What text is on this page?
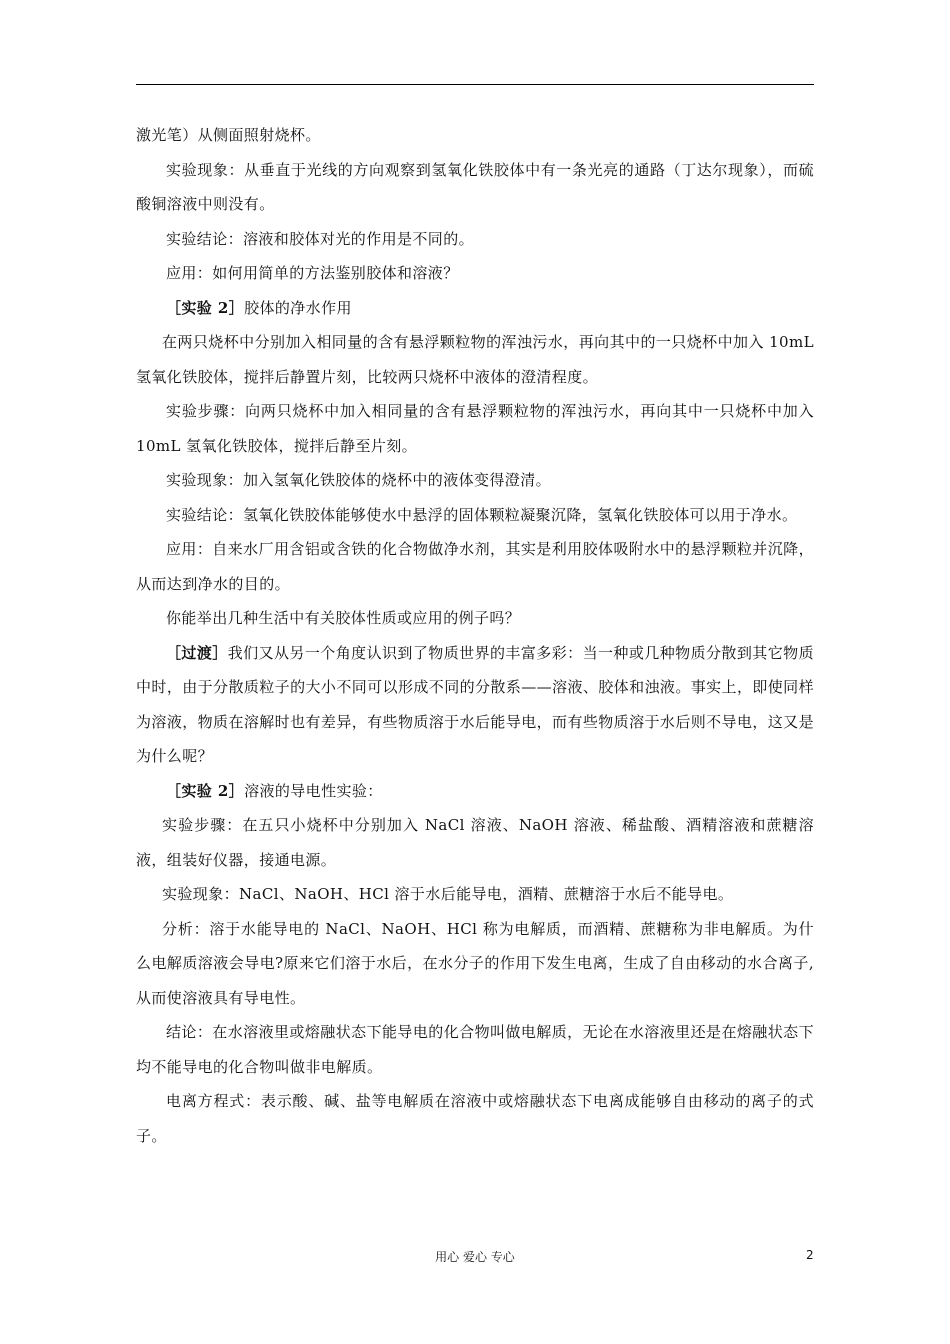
激光笔）从侧面照射烧杯。

实验现象：从垂直于光线的方向观察到氢氧化铁胶体中有一条光亮的通路（丁达尔现象），而硫酸铜溶液中则没有。

实验结论：溶液和胶体对光的作用是不同的。

应用：如何用简单的方法鉴别胶体和溶液？

［实验 2］胶体的净水作用

在两只烧杯中分别加入相同量的含有悬浮颗粒物的浑浊污水，再向其中的一只烧杯中加入 10mL 氢氧化铁胶体，搅拌后静置片刻，比较两只烧杯中液体的澄清程度。

实验步骤：向两只烧杯中加入相同量的含有悬浮颗粒物的浑浊污水，再向其中一只烧杯中加入 10mL 氢氧化铁胶体，搅拌后静至片刻。

实验现象：加入氢氧化铁胶体的烧杯中的液体变得澄清。

实验结论：氢氧化铁胶体能够使水中悬浮的固体颗粒凝聚沉降，氢氧化铁胶体可以用于净水。

应用：自来水厂用含铝或含铁的化合物做净水剂，其实是利用胶体吸附水中的悬浮颗粒并沉降，从而达到净水的目的。

你能举出几种生活中有关胶体性质或应用的例子吗？

［过渡］我们又从另一个角度认识到了物质世界的丰富多彩：当一种或几种物质分散到其它物质中时，由于分散质粒子的大小不同可以形成不同的分散系——溶液、胶体和浊液。事实上，即使同样为溶液，物质在溶解时也有差异，有些物质溶于水后能导电，而有些物质溶于水后则不导电，这又是为什么呢？

［实验 2］溶液的导电性实验：

实验步骤：在五只小烧杯中分别加入 NaCl 溶液、NaOH 溶液、稀盐酸、酒精溶液和蔗糖溶液，组装好仪器，接通电源。

实验现象：NaCl、NaOH、HCl 溶于水后能导电，酒精、蔗糖溶于水后不能导电。

分析：溶于水能导电的 NaCl、NaOH、HCl 称为电解质，而酒精、蔗糖称为非电解质。为什么电解质溶液会导电?原来它们溶于水后，在水分子的作用下发生电离，生成了自由移动的水合离子,从而使溶液具有导电性。

结论：在水溶液里或熔融状态下能导电的化合物叫做电解质，无论在水溶液里还是在熔融状态下均不能导电的化合物叫做非电解质。

电离方程式：表示酸、碱、盐等电解质在溶液中或熔融状态下电离成能够自由移动的离子的式子。

用心 爱心 专心	2
